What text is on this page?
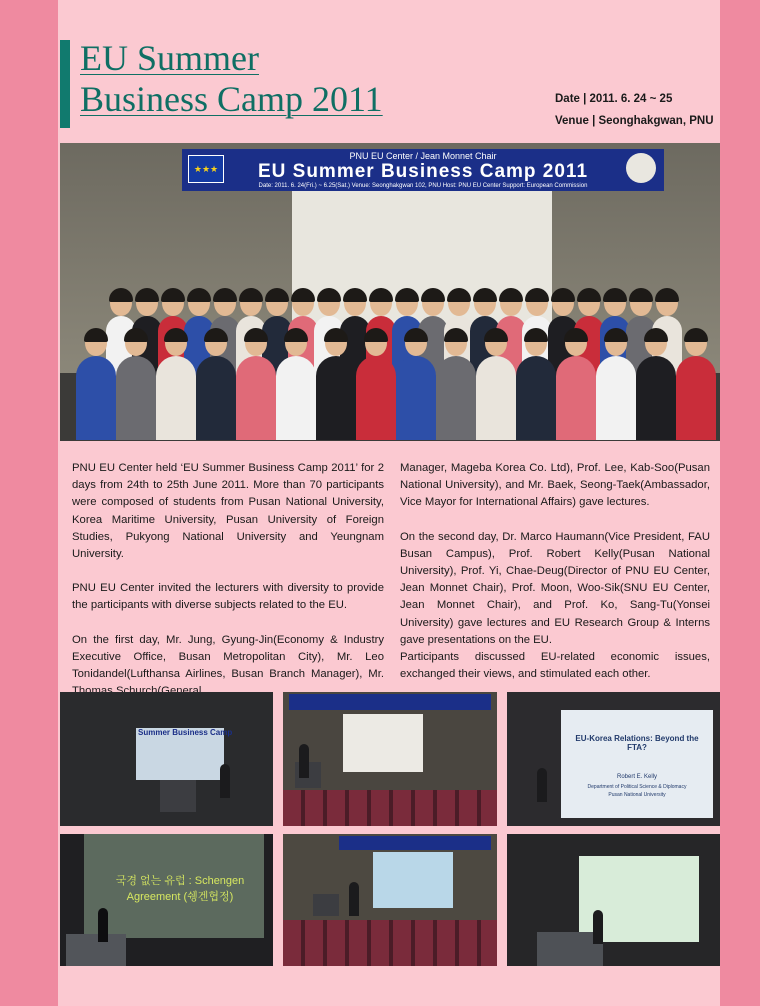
EU Summer
Business Camp 2011	Date | 2011. 6. 24 ~ 25
Venue | Seonghakgwan, PNU
PNU EU Center / Jean Monnet Chair
EU Summer Business Camp 2011
Date: 2011. 6. 24(Fri.) ~ 6.25(Sat.) Venue: Seonghakgwan 102, PNU Host: PNU EU Center Support: European Commission
★★★

PNU EU Center held ‘EU Summer Business Camp 2011’ for 2 days from 24th to 25th June 2011. More than 70 participants were composed of students from Pusan National University, Korea Maritime University, Pusan University of Foreign Studies, Pukyong National University and Yeungnam University.

PNU EU Center invited the lecturers with diversity to provide the participants with diverse subjects related to the EU.

On the first day, Mr. Jung, Gyung-Jin(Economy & Industry Executive Office, Busan Metropolitan City), Mr. Leo Tonidandel(Lufthansa Airlines, Busan Branch Manager), Mr.

Manager, Mageba Korea Co. Ltd), Prof. Lee, Kab-Soo(Pusan National University), and Mr. Baek, Seong-Taek(Ambassador, Vice Mayor for International Affairs) gave lectures.

On the second day, Dr. Marco Haumann(Vice President, FAU Busan Campus), Prof. Robert Kelly(Pusan National University), Prof. Yi, Chae-Deug(Director of PNU EU Center, Jean Monnet Chair), Prof. Moon, Woo-Sik(SNU EU Center, Jean Monnet Chair), and Prof. Ko, Sang-Tu(Yonsei University) gave lectures and EU Research Group & Interns gave presentations on the EU.

Participants discussed EU-related economic issues, exchanged their views, and stimulated each other.

Summer Business Camp
EU-Korea Relations: Beyond the FTA?
Robert E. Kelly
Department of Political Science & Diplomacy
Pusan National University
국경 없는 유럽 : Schengen
Agreement (쉥겐협정)
